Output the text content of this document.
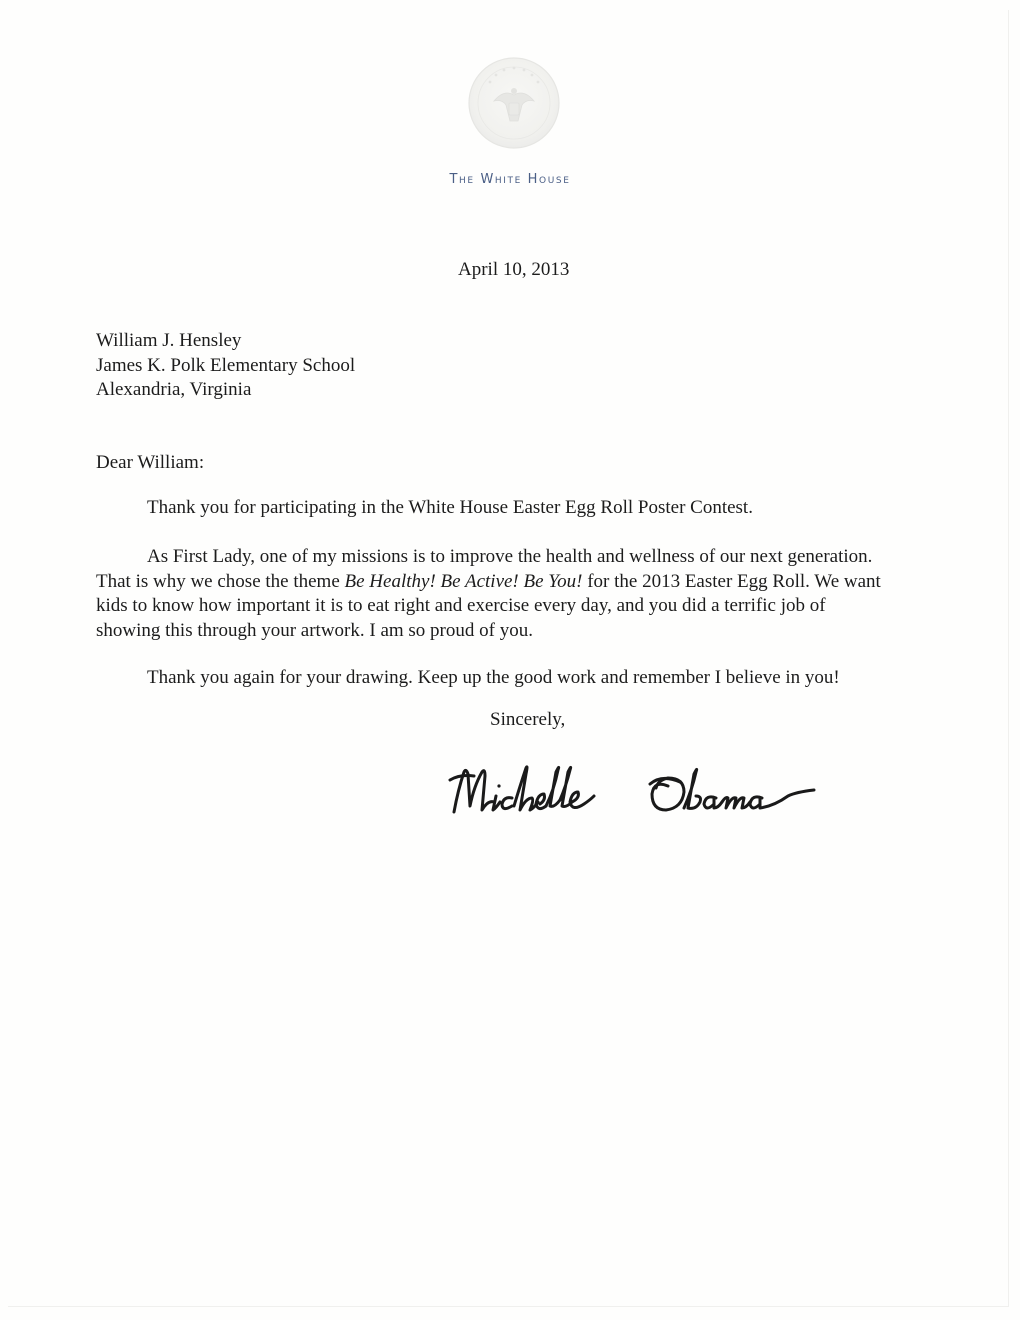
The White House
April 10, 2013
William J. Hensley
James K. Polk Elementary School
Alexandria, Virginia
Dear William:
Thank you for participating in the White House Easter Egg Roll Poster Contest.
As First Lady, one of my missions is to improve the health and wellness of our next generation.
That is why we chose the theme Be Healthy! Be Active! Be You! for the 2013 Easter Egg Roll. We want
kids to know how important it is to eat right and exercise every day, and you did a terrific job of
showing this through your artwork. I am so proud of you.
Thank you again for your drawing. Keep up the good work and remember I believe in you!
Sincerely,
